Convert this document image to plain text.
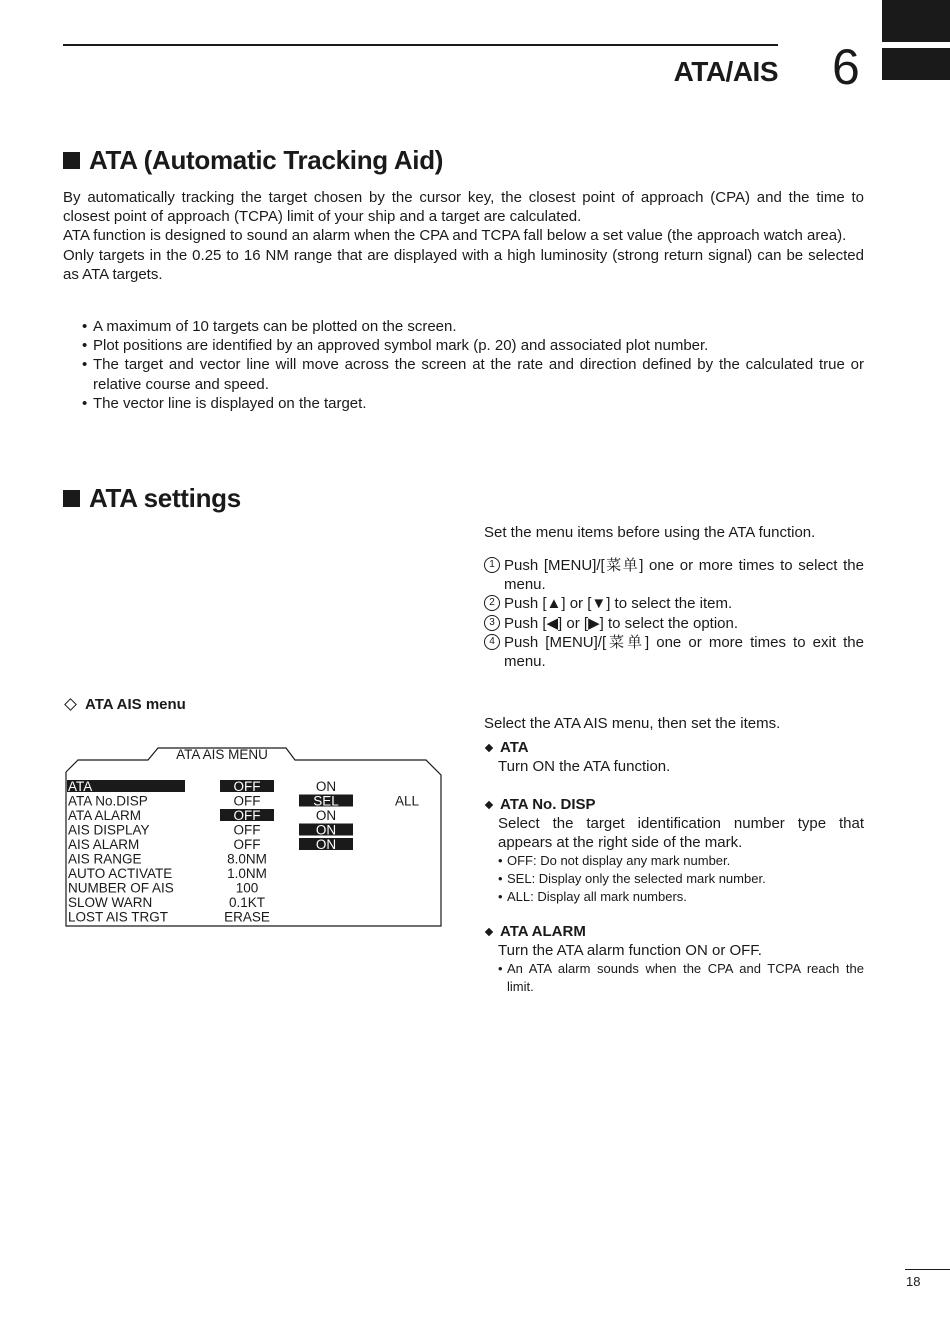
ATA/AIS 6
ATA (Automatic Tracking Aid)

By automatically tracking the target chosen by the cursor key, the closest point of approach (CPA) and the time to closest point of approach (TCPA) limit of your ship and a target are calculated.

ATA function is designed to sound an alarm when the CPA and TCPA fall below a set value (the approach watch area).

Only targets in the 0.25 to 16 NM range that are displayed with a high luminosity (strong return signal) can be selected as ATA targets.

• A maximum of 10 targets can be plotted on the screen.
• Plot positions are identified by an approved symbol mark (p. 20) and associated plot number.
• The target and vector line will move across the screen at the rate and direction defined by the calculated true or relative course and speed.
• The vector line is displayed on the target.
ATA settings
Set the menu items before using the ATA function.
1 Push [MENU]/[菜单] one or more times to select the menu.
2 Push [▲] or [▼] to select the item.
3 Push [◀] or [▶] to select the option.
4 Push [MENU]/[菜单] one or more times to exit the menu.
ATA AIS menu
Select the ATA AIS menu, then set the items.
ATA
Turn ON the ATA function.
ATA No. DISP
Select the target identification number type that appears at the right side of the mark.
• OFF: Do not display any mark number.
• SEL: Display only the selected mark number.
• ALL: Display all mark numbers.
ATA ALARM
Turn the ATA alarm function ON or OFF.
• An ATA alarm sounds when the CPA and TCPA reach the limit.
ATA AIS MENU
ATA	OFF	ON
ATA No.DISP	OFF	SEL	ALL
ATA ALARM	OFF	ON
AIS DISPLAY	OFF	ON
AIS ALARM	OFF	ON
AIS RANGE	8.0NM
AUTO ACTIVATE	1.0NM
NUMBER OF AIS	100
SLOW WARN	0.1KT
LOST AIS TRGT	ERASE
18
